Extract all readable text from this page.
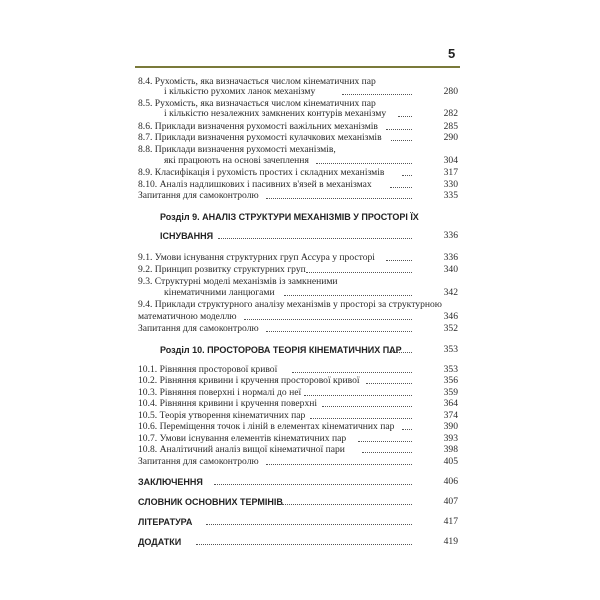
5
8.4. Рухомість, яка визначається числом кінематичних пар
і кількістю рухомих ланок механізму	280
8.5. Рухомість, яка визначається числом кінематичних пар
і кількістю незалежних замкнених контурів механізму	282
8.6. Приклади визначення рухомості важільних механізмів	285
8.7. Приклади визначення рухомості кулачкових механізмів	290
8.8. Приклади визначення рухомості механізмів,
які працюють на основі зачеплення	304
8.9. Класифікація і рухомість простих і складних механізмів	317
8.10. Аналіз надлишкових і пасивних в'язей в механізмах	330
Запитання для самоконтролю	335
Розділ 9. АНАЛІЗ СТРУКТУРИ МЕХАНІЗМІВ У ПРОСТОРІ ЇХ
ІСНУВАННЯ	336
9.1. Умови існування структурних груп Ассура у просторі	336
9.2. Принцип розвитку структурних груп	340
9.3. Структурні моделі механізмів із замкненими
кінематичними ланцюгами	342
9.4. Приклади структурного аналізу механізмів у просторі за структурною
математичною моделлю	346
Запитання для самоконтролю	352
Розділ 10. ПРОСТОРОВА ТЕОРІЯ КІНЕМАТИЧНИХ ПАР	353
10.1. Рівняння просторової кривої	353
10.2. Рівняння кривини і кручення просторової кривої	356
10.3. Рівняння поверхні і нормалі до неї	359
10.4. Рівняння кривини і кручення поверхні	364
10.5. Теорія утворення кінематичних пар	374
10.6. Переміщення точок і ліній в елементах кінематичних пар	390
10.7. Умови існування елементів кінематичних пар	393
10.8. Аналітичний аналіз вищої кінематичної пари	398
Запитання для самоконтролю	405
ЗАКЛЮЧЕННЯ	406
СЛОВНИК ОСНОВНИХ ТЕРМІНІВ	407
ЛІТЕРАТУРА	417
ДОДАТКИ	419
